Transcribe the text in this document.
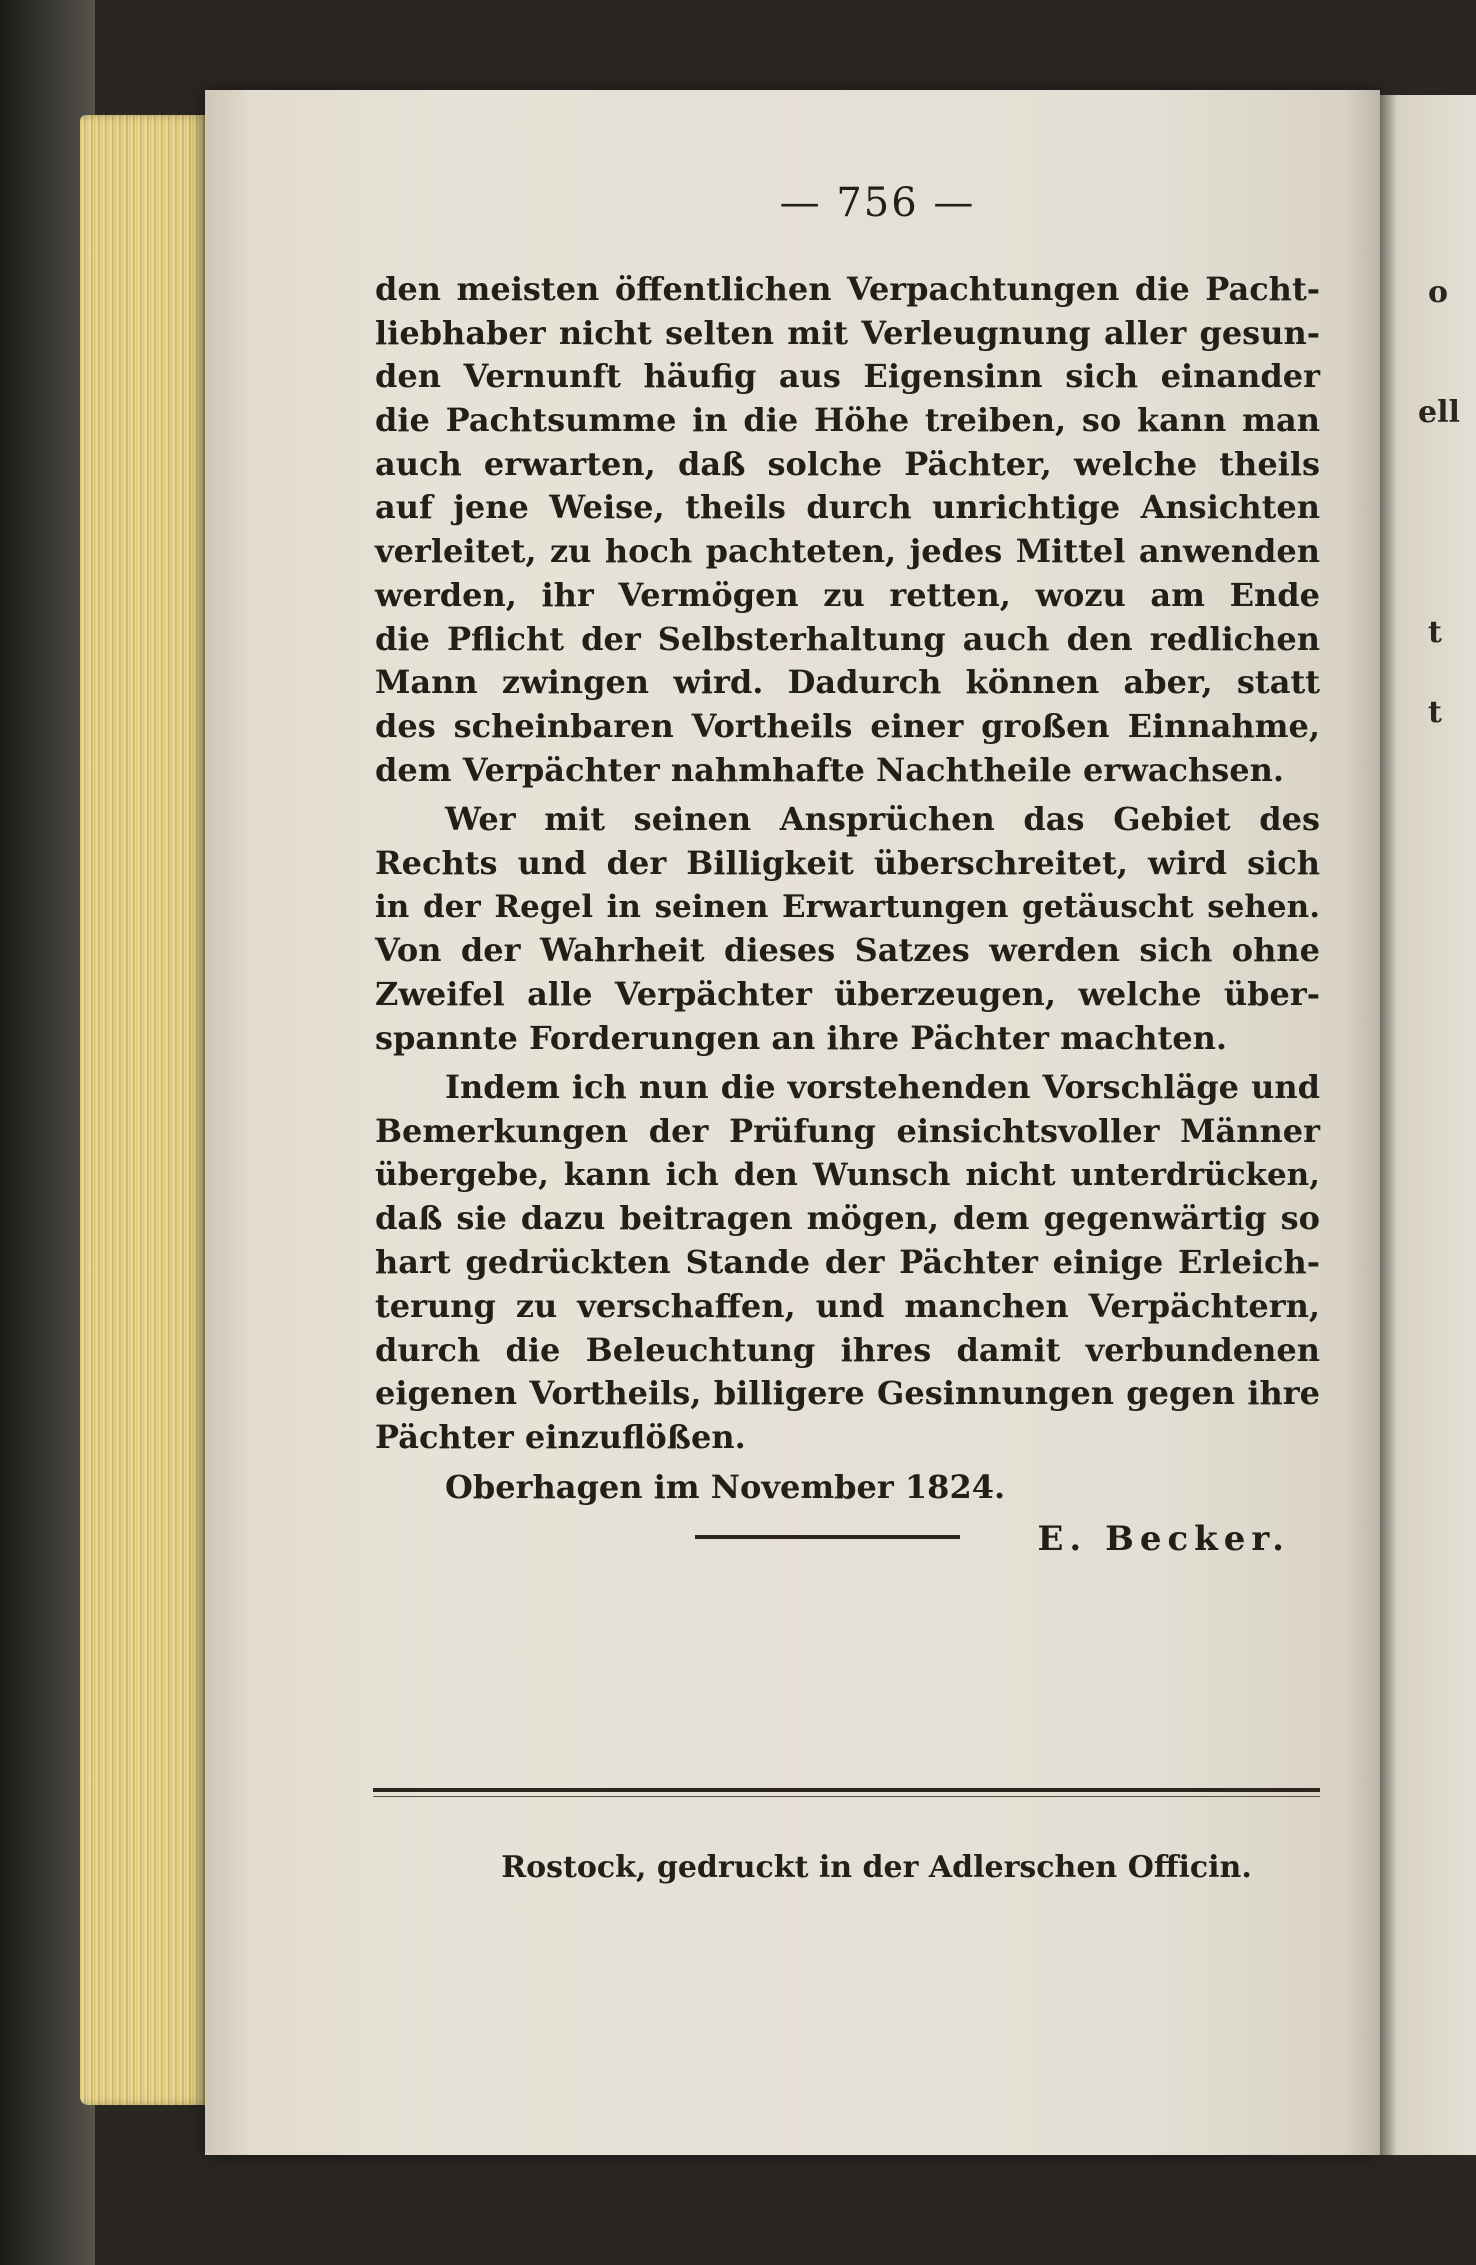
— 756 —
den meisten öffentlichen Verpachtungen die Pacht-
liebhaber nicht selten mit Verleugnung aller gesun-
den Vernunft häufig aus Eigensinn sich einander
die Pachtsumme in die Höhe treiben, so kann man
auch erwarten, daß solche Pächter, welche theils
auf jene Weise, theils durch unrichtige Ansichten
verleitet, zu hoch pachteten, jedes Mittel anwenden
werden, ihr Vermögen zu retten, wozu am Ende
die Pflicht der Selbsterhaltung auch den redlichen
Mann zwingen wird. Dadurch können aber, statt
des scheinbaren Vortheils einer großen Einnahme,
dem Verpächter nahmhafte Nachtheile erwachsen.
Wer mit seinen Ansprüchen das Gebiet des
Rechts und der Billigkeit überschreitet, wird sich
in der Regel in seinen Erwartungen getäuscht sehen.
Von der Wahrheit dieses Satzes werden sich ohne
Zweifel alle Verpächter überzeugen, welche über-
spannte Forderungen an ihre Pächter machten.
Indem ich nun die vorstehenden Vorschläge und
Bemerkungen der Prüfung einsichtsvoller Männer
übergebe, kann ich den Wunsch nicht unterdrücken,
daß sie dazu beitragen mögen, dem gegenwärtig so
hart gedrückten Stande der Pächter einige Erleich-
terung zu verschaffen, und manchen Verpächtern,
durch die Beleuchtung ihres damit verbundenen
eigenen Vortheils, billigere Gesinnungen gegen ihre
Pächter einzuflößen.
Oberhagen im November 1824.
E. Becker.
Rostock, gedruckt in der Adlerschen Officin.
o
ell
t
t
